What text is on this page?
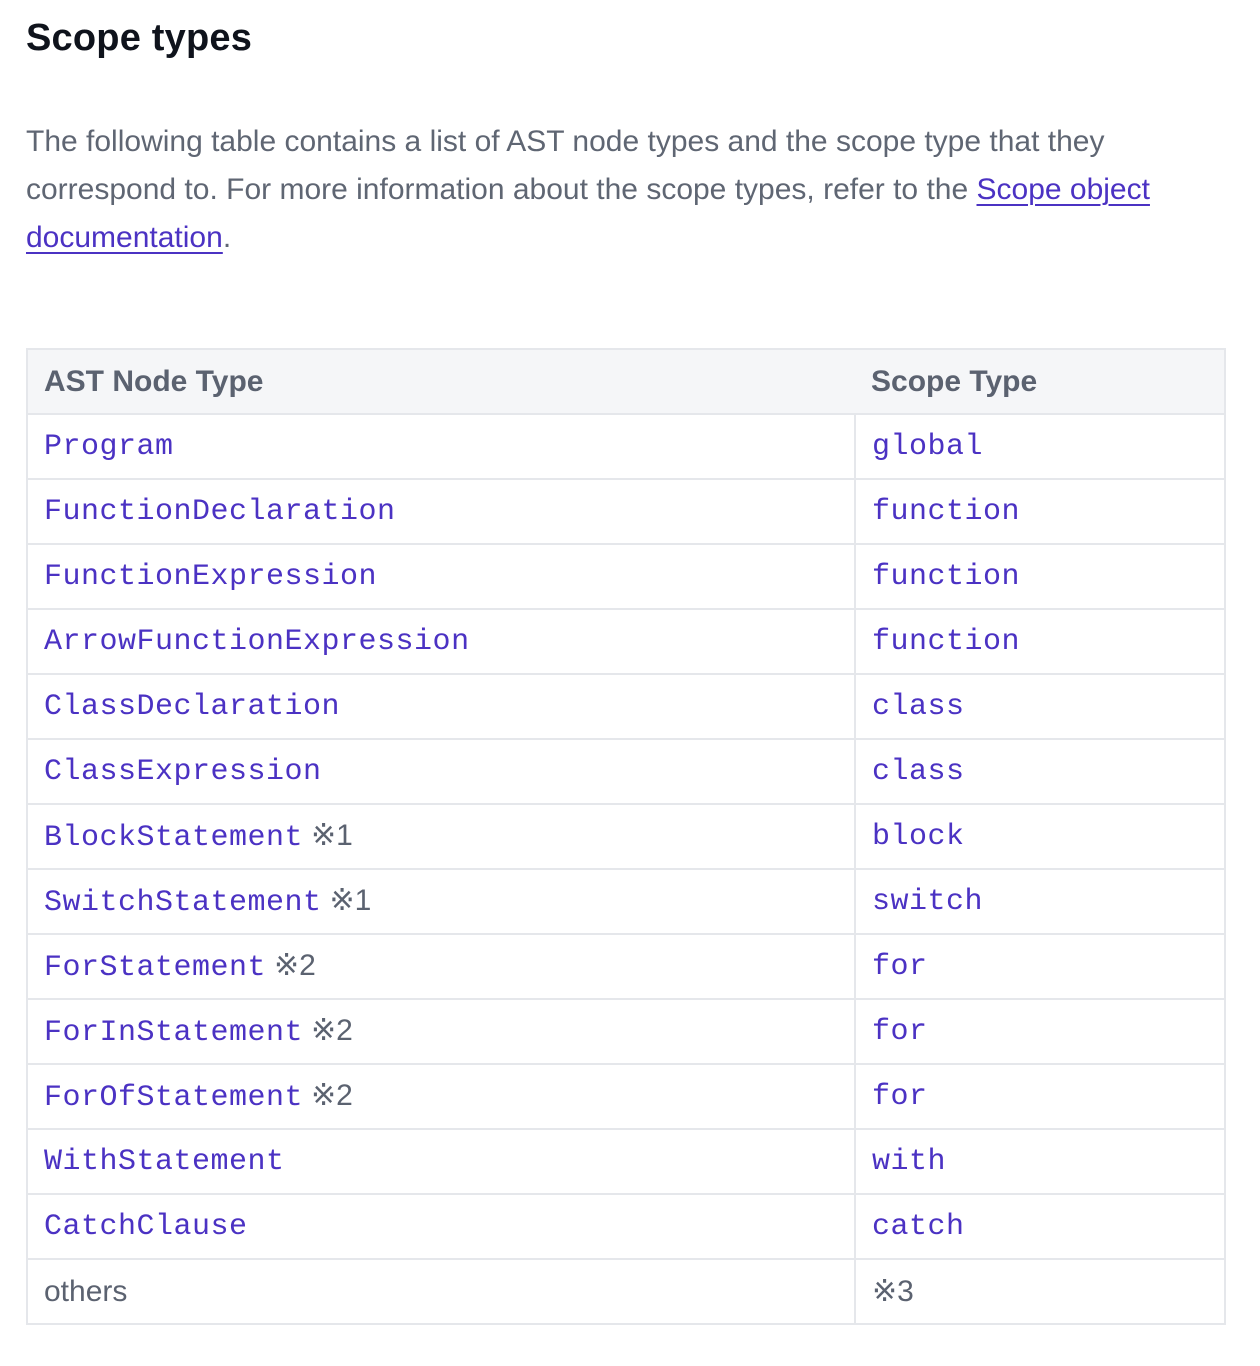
Scope types

The following table contains a list of AST node types and the scope type that they correspond to. For more information about the scope types, refer to the Scope object documentation.

AST Node Type	Scope Type
Program	global
FunctionDeclaration	function
FunctionExpression	function
ArrowFunctionExpression	function
ClassDeclaration	class
ClassExpression	class
BlockStatement ※1	block
SwitchStatement ※1	switch
ForStatement ※2	for
ForInStatement ※2	for
ForOfStatement ※2	for
WithStatement	with
CatchClause	catch
others	※3
